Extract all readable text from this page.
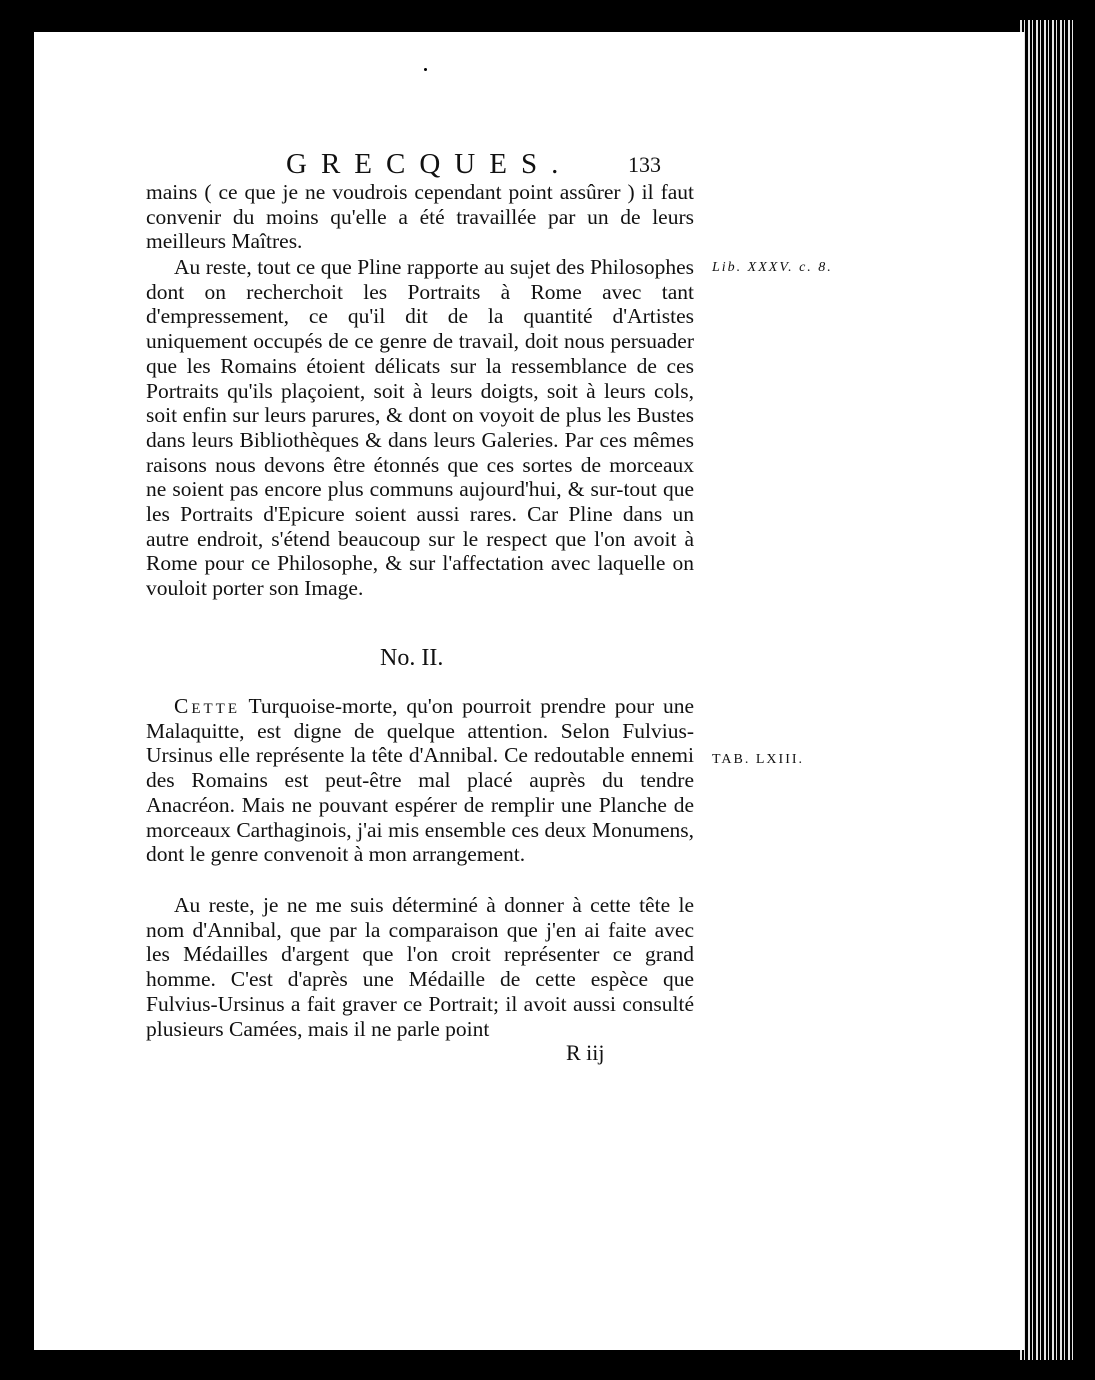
GRECQUES.	133

mains ( ce que je ne voudrois cependant point assûrer ) il faut convenir du moins qu'elle a été travaillée par un de leurs meilleurs Maîtres.

Au reste, tout ce que Pline rapporte au sujet des Philosophes dont on recherchoit les Portraits à Rome avec tant d'empressement, ce qu'il dit de la quantité d'Artistes uniquement occupés de ce genre de travail, doit nous persuader que les Romains étoient délicats sur la ressemblance de ces Portraits qu'ils plaçoient, soit à leurs doigts, soit à leurs cols, soit enfin sur leurs parures, & dont on voyoit de plus les Bustes dans leurs Bibliothèques & dans leurs Galeries. Par ces mêmes raisons nous devons être étonnés que ces sortes de morceaux ne soient pas encore plus communs aujourd'hui, & sur-tout que les Portraits d'Epicure soient aussi rares. Car Pline dans un autre endroit, s'étend beaucoup sur le respect que l'on avoit à Rome pour ce Philosophe, & sur l'affectation avec laquelle on vouloit porter son Image.

Lib. XXXV. c. 8.
No. II.

Cette Turquoise-morte, qu'on pourroit prendre pour une Malaquitte, est digne de quelque attention. Selon Fulvius-Ursinus elle représente la tête d'Annibal. Ce redoutable ennemi des Romains est peut-être mal placé auprès du tendre Anacréon. Mais ne pouvant espérer de remplir une Planche de morceaux Carthaginois, j'ai mis ensemble ces deux Monumens, dont le genre convenoit à mon arrangement.

TAB. LXIII.

Au reste, je ne me suis déterminé à donner à cette tête le nom d'Annibal, que par la comparaison que j'en ai faite avec les Médailles d'argent que l'on croit représenter ce grand homme. C'est d'après une Médaille de cette espèce que Fulvius-Ursinus a fait graver ce Portrait; il avoit aussi consulté plusieurs Camées, mais il ne parle point

R iij
